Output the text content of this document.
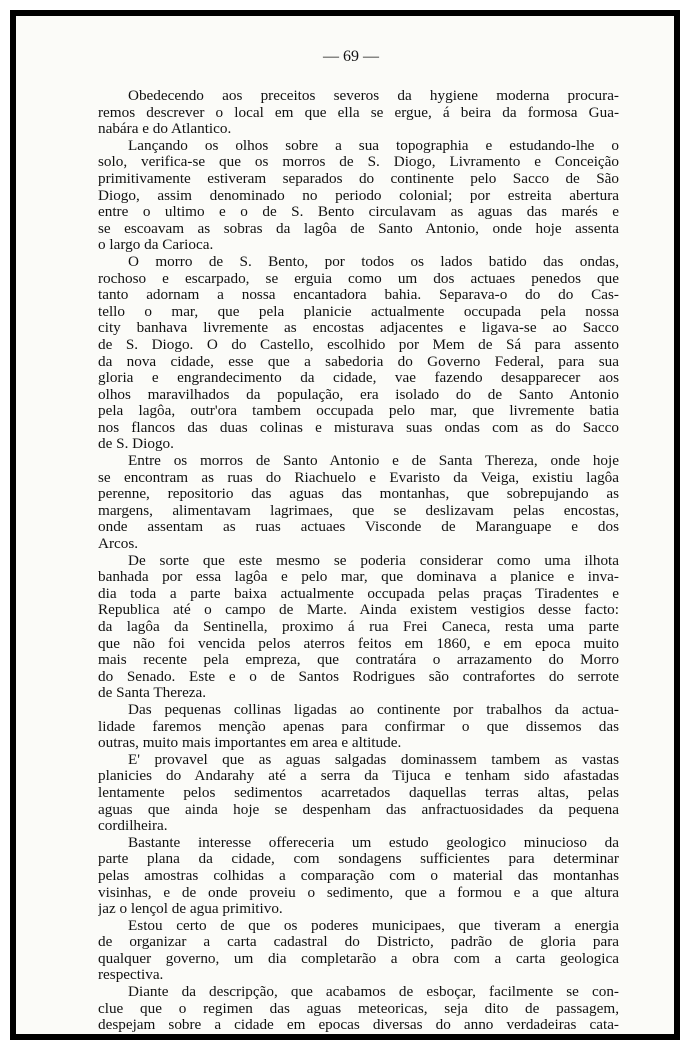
— 69 —
Obedecendo aos preceitos severos da hygiene moderna procura-
remos descrever o local em que ella se ergue, á beira da formosa Gua-
nabára e do Atlantico.
Lançando os olhos sobre a sua topographia e estudando-lhe o
solo, verifica-se que os morros de S. Diogo, Livramento e Conceição
primitivamente estiveram separados do continente pelo Sacco de São
Diogo, assim denominado no periodo colonial; por estreita abertura
entre o ultimo e o de S. Bento circulavam as aguas das marés e
se escoavam as sobras da lagôa de Santo Antonio, onde hoje assenta
o largo da Carioca.
O morro de S. Bento, por todos os lados batido das ondas,
rochoso e escarpado, se erguia como um dos actuaes penedos que
tanto adornam a nossa encantadora bahia. Separava-o do do Cas-
tello o mar, que pela planicie actualmente occupada pela nossa
city banhava livremente as encostas adjacentes e ligava-se ao Sacco
de S. Diogo. O do Castello, escolhido por Mem de Sá para assento
da nova cidade, esse que a sabedoria do Governo Federal, para sua
gloria e engrandecimento da cidade, vae fazendo desapparecer aos
olhos maravilhados da população, era isolado do de Santo Antonio
pela lagôa, outr'ora tambem occupada pelo mar, que livremente batia
nos flancos das duas colinas e misturava suas ondas com as do Sacco
de S. Diogo.
Entre os morros de Santo Antonio e de Santa Thereza, onde hoje
se encontram as ruas do Riachuelo e Evaristo da Veiga, existiu lagôa
perenne, repositorio das aguas das montanhas, que sobrepujando as
margens, alimentavam lagrimaes, que se deslizavam pelas encostas,
onde assentam as ruas actuaes Visconde de Maranguape e dos
Arcos.
De sorte que este mesmo se poderia considerar como uma ilhota
banhada por essa lagôa e pelo mar, que dominava a planice e inva-
dia toda a parte baixa actualmente occupada pelas praças Tiradentes e
Republica até o campo de Marte. Ainda existem vestigios desse facto:
da lagôa da Sentinella, proximo á rua Frei Caneca, resta uma parte
que não foi vencida pelos aterros feitos em 1860, e em epoca muito
mais recente pela empreza, que contratára o arrazamento do Morro
do Senado. Este e o de Santos Rodrigues são contrafortes do serrote
de Santa Thereza.
Das pequenas collinas ligadas ao continente por trabalhos da actua-
lidade faremos menção apenas para confirmar o que dissemos das
outras, muito mais importantes em area e altitude.
E' provavel que as aguas salgadas dominassem tambem as vastas
planicies do Andarahy até a serra da Tijuca e tenham sido afastadas
lentamente pelos sedimentos acarretados daquellas terras altas, pelas
aguas que ainda hoje se despenham das anfractuosidades da pequena
cordilheira.
Bastante interesse offereceria um estudo geologico minucioso da
parte plana da cidade, com sondagens sufficientes para determinar
pelas amostras colhidas a comparação com o material das montanhas
visinhas, e de onde proveiu o sedimento, que a formou e a que altura
jaz o lençol de agua primitivo.
Estou certo de que os poderes municipaes, que tiveram a energia
de organizar a carta cadastral do Districto, padrão de gloria para
qualquer governo, um dia completarão a obra com a carta geologica
respectiva.
Diante da descripção, que acabamos de esboçar, facilmente se con-
clue que o regimen das aguas meteoricas, seja dito de passagem,
despejam sobre a cidade em epocas diversas do anno verdadeiras cata-
